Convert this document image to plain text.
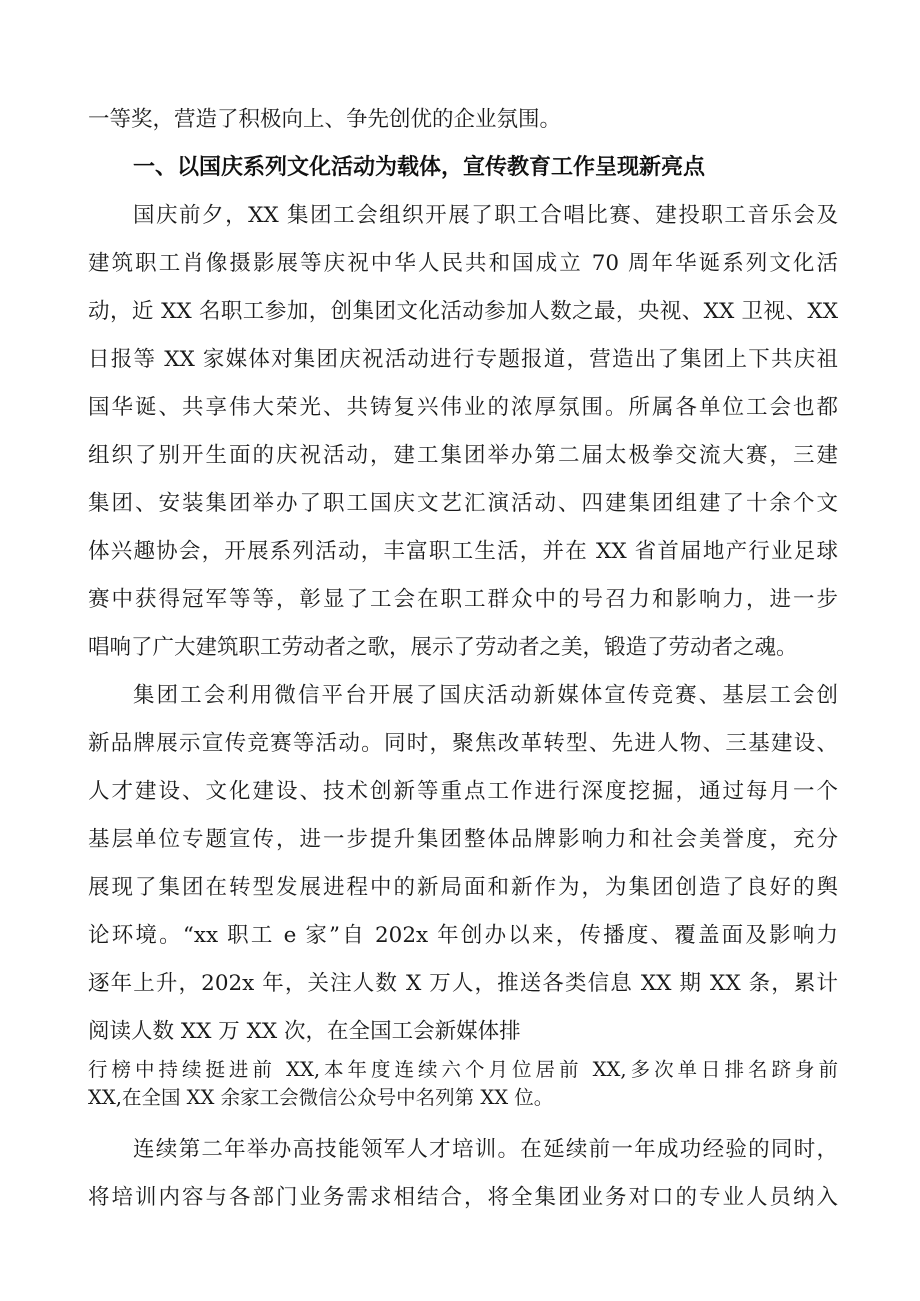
一等奖，营造了积极向上、争先创优的企业氛围。
一、以国庆系列文化活动为载体，宣传教育工作呈现新亮点
国庆前夕，XX 集团工会组织开展了职工合唱比赛、建投职工音乐会及
建筑职工肖像摄影展等庆祝中华人民共和国成立 70 周年华诞系列文化活
动，近 XX 名职工参加，创集团文化活动参加人数之最，央视、XX 卫视、XX
日报等 XX 家媒体对集团庆祝活动进行专题报道，营造出了集团上下共庆祖
国华诞、共享伟大荣光、共铸复兴伟业的浓厚氛围。所属各单位工会也都
组织了别开生面的庆祝活动，建工集团举办第二届太极拳交流大赛，三建
集团、安装集团举办了职工国庆文艺汇演活动、四建集团组建了十余个文
体兴趣协会，开展系列活动，丰富职工生活，并在 XX 省首届地产行业足球
赛中获得冠军等等，彰显了工会在职工群众中的号召力和影响力，进一步
唱响了广大建筑职工劳动者之歌，展示了劳动者之美，锻造了劳动者之魂。
集团工会利用微信平台开展了国庆活动新媒体宣传竞赛、基层工会创
新品牌展示宣传竞赛等活动。同时，聚焦改革转型、先进人物、三基建设、
人才建设、文化建设、技术创新等重点工作进行深度挖掘，通过每月一个
基层单位专题宣传，进一步提升集团整体品牌影响力和社会美誉度，充分
展现了集团在转型发展进程中的新局面和新作为，为集团创造了良好的舆
论环境。“xx 职工 e 家”自 202x 年创办以来，传播度、覆盖面及影响力
逐年上升，202x 年，关注人数 X 万人，推送各类信息 XX 期 XX 条，累计
阅读人数 XX 万 XX 次，在全国工会新媒体排
行榜中持续挺进前 XX,本年度连续六个月位居前 XX,多次单日排名跻身前
XX,在全国 XX 余家工会微信公众号中名列第 XX 位。
连续第二年举办高技能领军人才培训。在延续前一年成功经验的同时，
将培训内容与各部门业务需求相结合，将全集团业务对口的专业人员纳入
